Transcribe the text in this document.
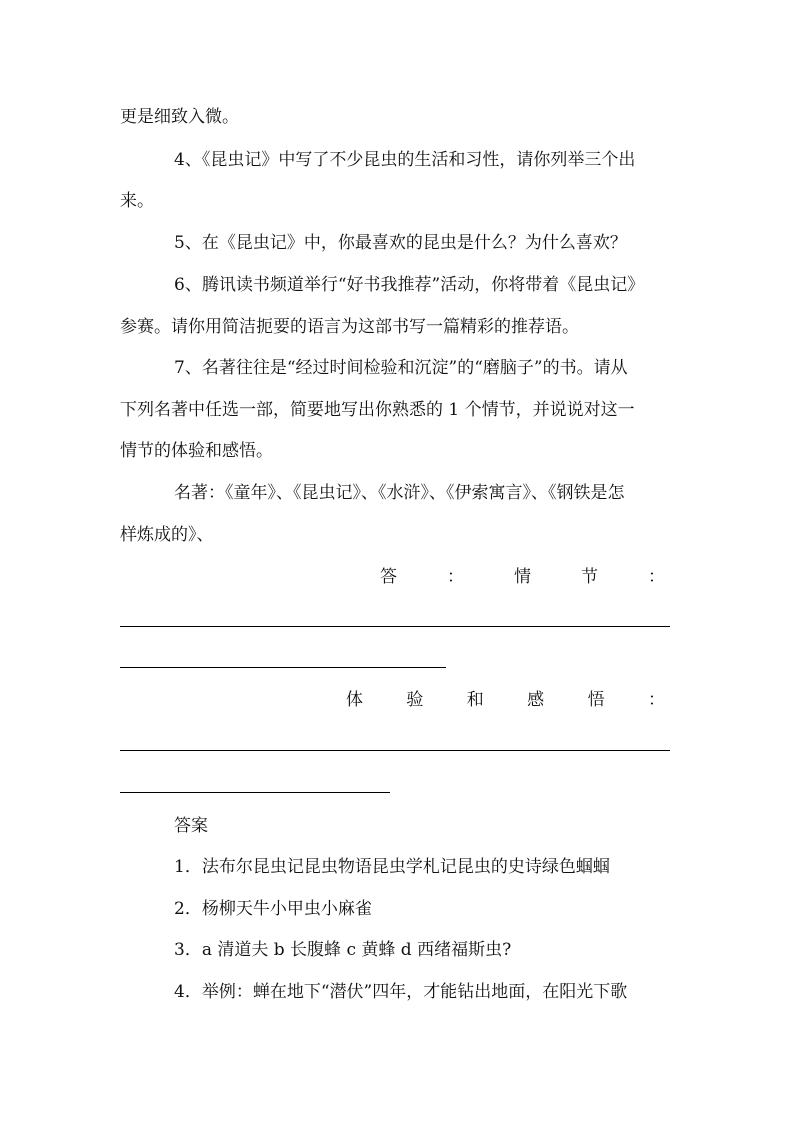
更是细致入微。
4、《昆虫记》中写了不少昆虫的生活和习性，请你列举三个出
来。
5、在《昆虫记》中，你最喜欢的昆虫是什么？为什么喜欢？
6、腾讯读书频道举行“好书我推荐”活动，你将带着《昆虫记》
参赛。请你用简洁扼要的语言为这部书写一篇精彩的推荐语。
7、名著往往是“经过时间检验和沉淀”的“磨脑子”的书。请从
下列名著中任选一部，简要地写出你熟悉的 1 个情节，并说说对这一
情节的体验和感悟。
名著：《童年》、《昆虫记》、《水浒》、《伊索寓言》、《钢铁是怎
样炼成的》、
答	：	情	节	：
体	验	和	感	悟	：
答案
1．法布尔昆虫记昆虫物语昆虫学札记昆虫的史诗绿色蝈蝈
2．杨柳天牛小甲虫小麻雀
3．a 清道夫 b 长腹蜂 c 黄蜂 d 西绪福斯虫?
4．举例：蝉在地下“潜伏”四年，才能钻出地面，在阳光下歌
